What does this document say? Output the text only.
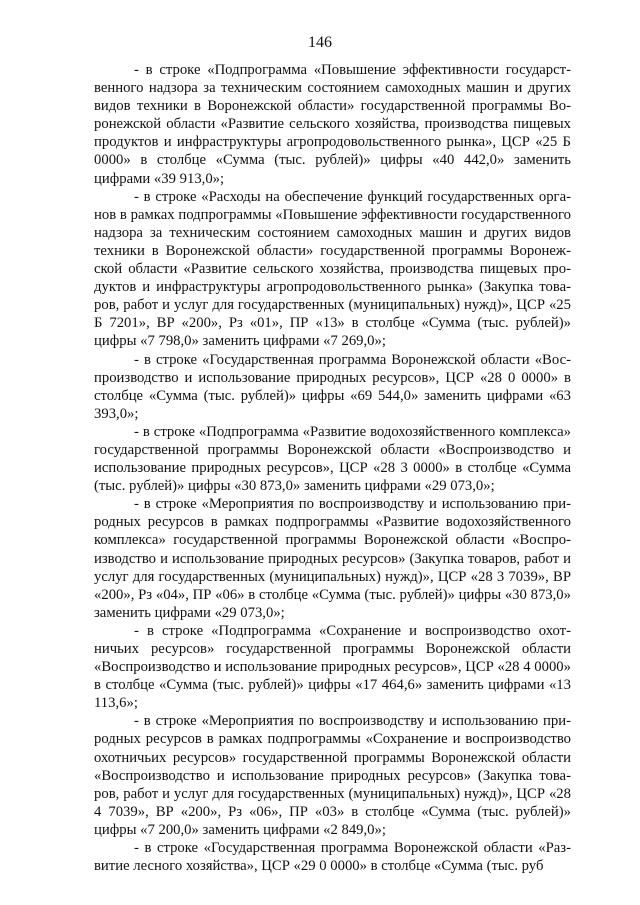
146

- в строке «Подпрограмма «Повышение эффективности государственного надзора за техническим состоянием самоходных машин и других видов техники в Воронежской области» государственной программы Воронежской области «Развитие сельского хозяйства, производства пищевых продуктов и инфраструктуры агропродовольственного рынка», ЦСР «25 Б 0000» в столбце «Сумма (тыс. рублей)» цифры «40 442,0» заменить цифрами «39 913,0»;

- в строке «Расходы на обеспечение функций государственных органов в рамках подпрограммы «Повышение эффективности государственного надзора за техническим состоянием самоходных машин и других видов техники в Воронежской области» государственной программы Воронежской области «Развитие сельского хозяйства, производства пищевых продуктов и инфраструктуры агропродовольственного рынка» (Закупка товаров, работ и услуг для государственных (муниципальных) нужд)», ЦСР «25 Б 7201», ВР «200», Рз «01», ПР «13» в столбце «Сумма (тыс. рублей)» цифры «7 798,0» заменить цифрами «7 269,0»;

- в строке «Государственная программа Воронежской области «Воспроизводство и использование природных ресурсов», ЦСР «28 0 0000» в столбце «Сумма (тыс. рублей)» цифры «69 544,0» заменить цифрами «63 393,0»;

- в строке «Подпрограмма «Развитие водохозяйственного комплекса» государственной программы Воронежской области «Воспроизводство и использование природных ресурсов», ЦСР «28 3 0000» в столбце «Сумма (тыс. рублей)» цифры «30 873,0» заменить цифрами «29 073,0»;

- в строке «Мероприятия по воспроизводству и использованию природных ресурсов в рамках подпрограммы «Развитие водохозяйственного комплекса» государственной программы Воронежской области «Воспроизводство и использование природных ресурсов» (Закупка товаров, работ и услуг для государственных (муниципальных) нужд)», ЦСР «28 3 7039», ВР «200», Рз «04», ПР «06» в столбце «Сумма (тыс. рублей)» цифры «30 873,0» заменить цифрами «29 073,0»;

- в строке «Подпрограмма «Сохранение и воспроизводство охотничьих ресурсов» государственной программы Воронежской области «Воспроизводство и использование природных ресурсов», ЦСР «28 4 0000» в столбце «Сумма (тыс. рублей)» цифры «17 464,6» заменить цифрами «13 113,6»;

- в строке «Мероприятия по воспроизводству и использованию природных ресурсов в рамках подпрограммы «Сохранение и воспроизводство охотничьих ресурсов» государственной программы Воронежской области «Воспроизводство и использование природных ресурсов» (Закупка товаров, работ и услуг для государственных (муниципальных) нужд)», ЦСР «28 4 7039», ВР «200», Рз «06», ПР «03» в столбце «Сумма (тыс. рублей)» цифры «7 200,0» заменить цифрами «2 849,0»;

- в строке «Государственная программа Воронежской области «Развитие лесного хозяйства», ЦСР «29 0 0000» в столбце «Сумма (тыс. руб
